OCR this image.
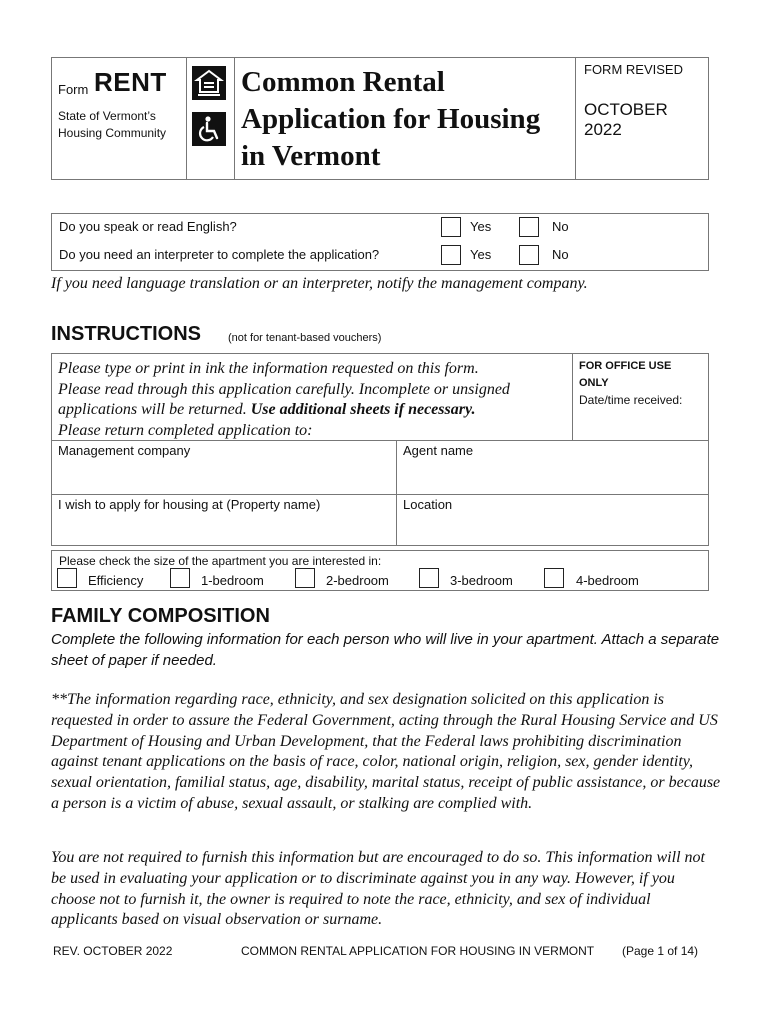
Form RENT
State of Vermont’s
Housing Community
Common Rental
Application for Housing
in Vermont
FORM REVISED
OCTOBER 2022
Do you speak or read English?	Yes	No
Do you need an interpreter to complete the application?	Yes	No
If you need language translation or an interpreter, notify the management company.
INSTRUCTIONS (not for tenant-based vouchers)
Please type or print in ink the information requested on this form.
Please read through this application carefully. Incomplete or unsigned
applications will be returned. Use additional sheets if necessary.
Please return completed application to:
FOR OFFICE USE ONLY
Date/time received:
Management company	Agent name
I wish to apply for housing at (Property name)	Location
Please check the size of the apartment you are interested in:
Efficiency	1-bedroom	2-bedroom	3-bedroom	4-bedroom
FAMILY COMPOSITION
Complete the following information for each person who will live in your apartment. Attach a separate sheet of paper if needed.
**The information regarding race, ethnicity, and sex designation solicited on this application is requested in order to assure the Federal Government, acting through the Rural Housing Service and US Department of Housing and Urban Development, that the Federal laws prohibiting discrimination against tenant applications on the basis of race, color, national origin, religion, sex, gender identity, sexual orientation, familial status, age, disability, marital status, receipt of public assistance, or because a person is a victim of abuse, sexual assault, or stalking are complied with.
You are not required to furnish this information but are encouraged to do so. This information will not be used in evaluating your application or to discriminate against you in any way. However, if you choose not to furnish it, the owner is required to note the race, ethnicity, and sex of individual applicants based on visual observation or surname.
REV. OCTOBER 2022	COMMON RENTAL APPLICATION FOR HOUSING IN VERMONT (Page 1 of 14)
